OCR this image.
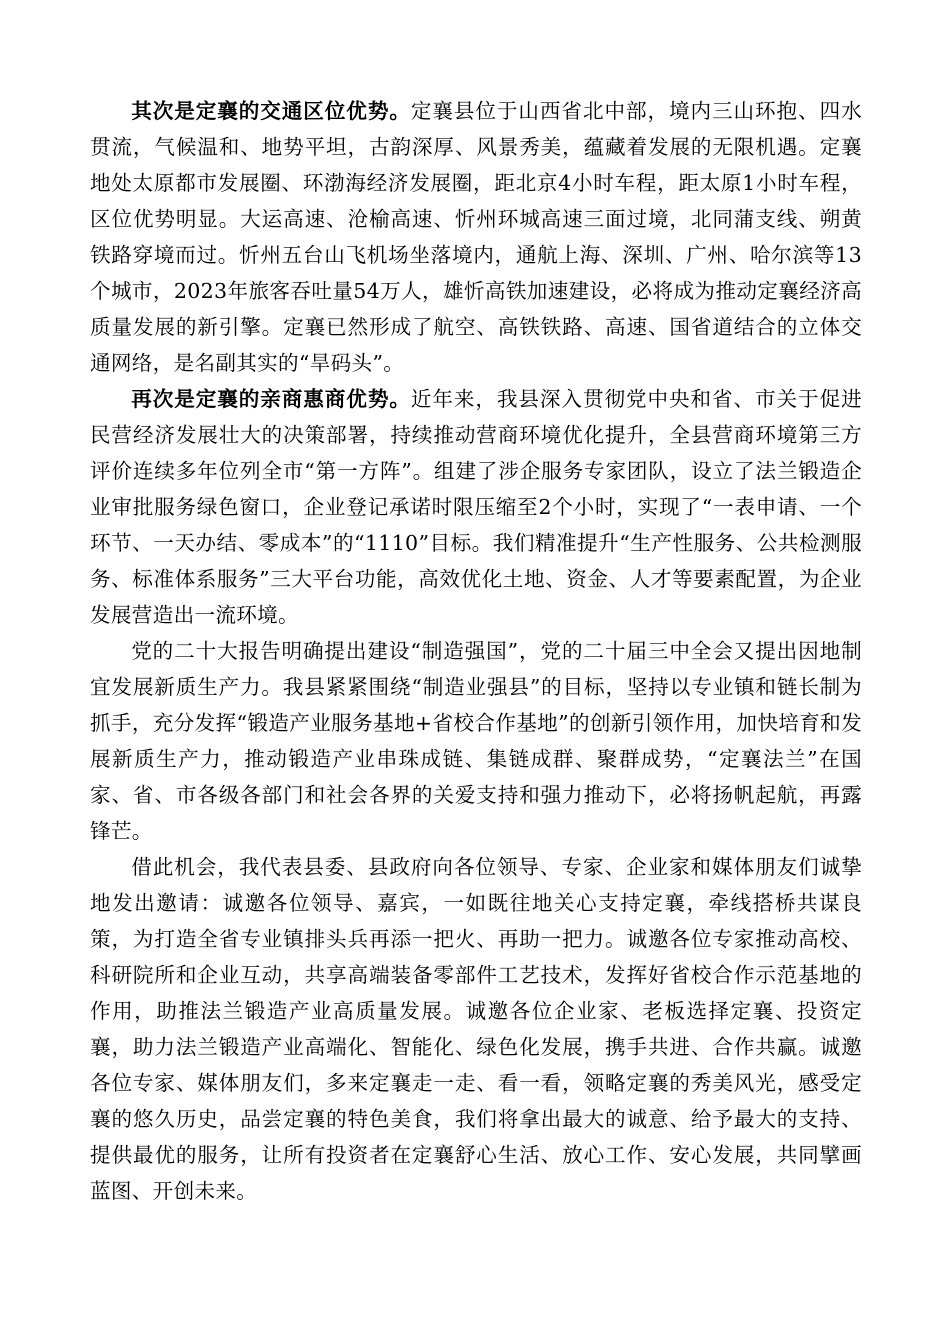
其次是定襄的交通区位优势。定襄县位于山西省北中部，境内三山环抱、四水贯流，气候温和、地势平坦，古韵深厚、风景秀美，蕴藏着发展的无限机遇。定襄地处太原都市发展圈、环渤海经济发展圈，距北京4小时车程，距太原1小时车程，区位优势明显。大运高速、沧榆高速、忻州环城高速三面过境，北同蒲支线、朔黄铁路穿境而过。忻州五台山飞机场坐落境内，通航上海、深圳、广州、哈尔滨等13个城市，2023年旅客吞吐量54万人，雄忻高铁加速建设，必将成为推动定襄经济高质量发展的新引擎。定襄已然形成了航空、高铁铁路、高速、国省道结合的立体交通网络，是名副其实的“旱码头”。

再次是定襄的亲商惠商优势。近年来，我县深入贯彻党中央和省、市关于促进民营经济发展壮大的决策部署，持续推动营商环境优化提升，全县营商环境第三方评价连续多年位列全市“第一方阵”。组建了涉企服务专家团队，设立了法兰锻造企业审批服务绿色窗口，企业登记承诺时限压缩至2个小时，实现了“一表申请、一个环节、一天办结、零成本”的“1110”目标。我们精准提升“生产性服务、公共检测服务、标准体系服务”三大平台功能，高效优化土地、资金、人才等要素配置，为企业发展营造出一流环境。

党的二十大报告明确提出建设“制造强国”，党的二十届三中全会又提出因地制宜发展新质生产力。我县紧紧围绕“制造业强县”的目标，坚持以专业镇和链长制为抓手，充分发挥“锻造产业服务基地+省校合作基地”的创新引领作用，加快培育和发展新质生产力，推动锻造产业串珠成链、集链成群、聚群成势，“定襄法兰”在国家、省、市各级各部门和社会各界的关爱支持和强力推动下，必将扬帆起航，再露锋芒。

借此机会，我代表县委、县政府向各位领导、专家、企业家和媒体朋友们诚挚地发出邀请：诚邀各位领导、嘉宾，一如既往地关心支持定襄，牵线搭桥共谋良策，为打造全省专业镇排头兵再添一把火、再助一把力。诚邀各位专家推动高校、科研院所和企业互动，共享高端装备零部件工艺技术，发挥好省校合作示范基地的作用，助推法兰锻造产业高质量发展。诚邀各位企业家、老板选择定襄、投资定襄，助力法兰锻造产业高端化、智能化、绿色化发展，携手共进、合作共赢。诚邀各位专家、媒体朋友们，多来定襄走一走、看一看，领略定襄的秀美风光，感受定襄的悠久历史，品尝定襄的特色美食，我们将拿出最大的诚意、给予最大的支持、提供最优的服务，让所有投资者在定襄舒心生活、放心工作、安心发展，共同擘画蓝图、开创未来。
